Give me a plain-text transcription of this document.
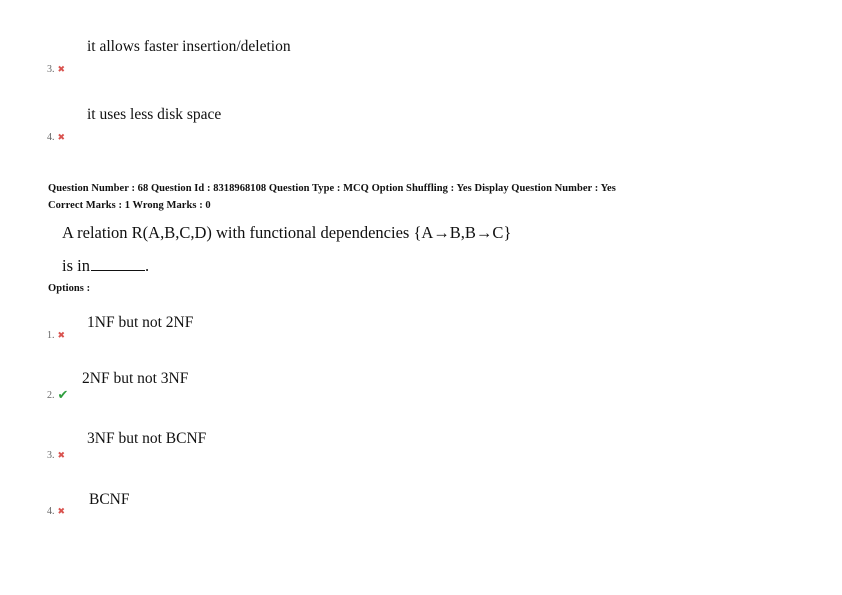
it allows faster insertion/deletion
3. ✖
it uses less disk space
4. ✖
Question Number : 68 Question Id : 8318968108 Question Type : MCQ Option Shuffling : Yes Display Question Number : Yes
Correct Marks : 1 Wrong Marks : 0
A relation R(A,B,C,D) with functional dependencies {A→B,B→C}
is in	.
Options :
1NF but not 2NF
1. ✖
2NF but not 3NF
2. ✔
3NF but not BCNF
3. ✖
BCNF
4. ✖
